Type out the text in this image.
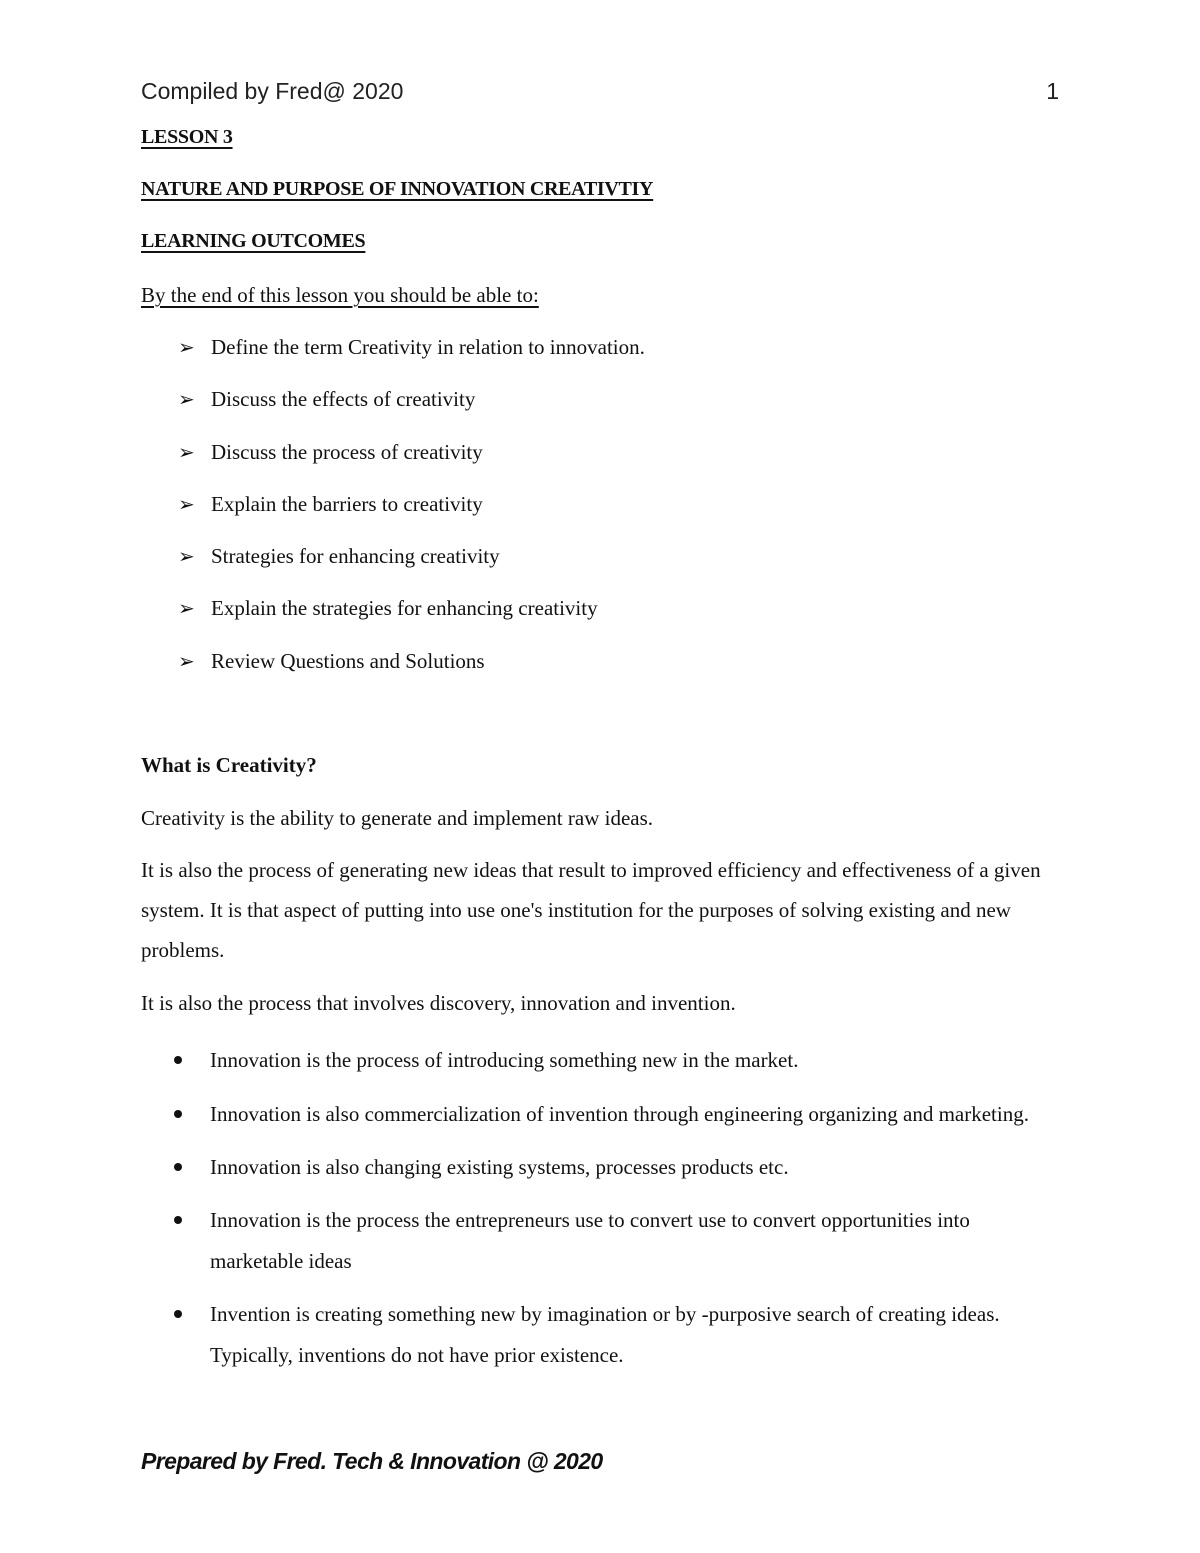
Compiled by Fred@ 2020	1
LESSON 3
NATURE AND PURPOSE OF INNOVATION CREATIVTIY
LEARNING OUTCOMES
By the end of this lesson you should be able to:
➢ Define the term Creativity in relation to innovation.
➢ Discuss the effects of creativity
➢ Discuss the process of creativity
➢ Explain the barriers to creativity
➢ Strategies for enhancing creativity
➢ Explain the strategies for enhancing creativity
➢ Review Questions and Solutions
What is Creativity?

Creativity is the ability to generate and implement raw ideas.

It is also the process of generating new ideas that result to improved efficiency and effectiveness of a given system. It is that aspect of putting into use one's institution for the purposes of solving existing and new problems.

It is also the process that involves discovery, innovation and invention.

Innovation is the process of introducing something new in the market.
Innovation is also commercialization of invention through engineering organizing and marketing.
Innovation is also changing existing systems, processes products etc.
Innovation is the process the entrepreneurs use to convert use to convert opportunities into marketable ideas
Invention is creating something new by imagination or by -purposive search of creating ideas. Typically, inventions do not have prior existence.
Prepared by Fred. Tech & Innovation @ 2020
